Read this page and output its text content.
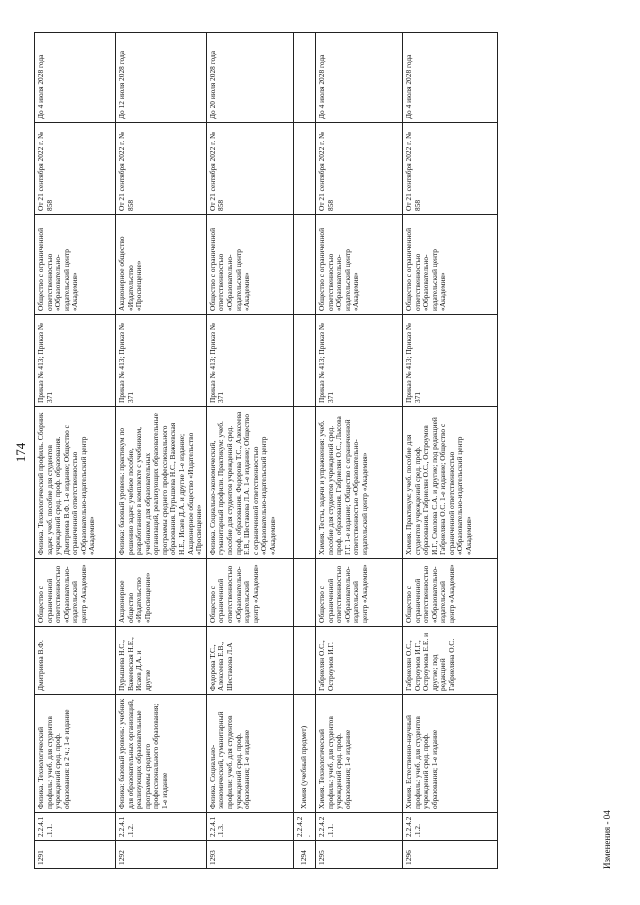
174
1291	2.2.4.1.1.1.	Физика. Технологический профиль: учеб. для студентов учреждений сред. проф. образования: в 2 ч.; 1-е издание	Дмитриева В.Ф.	Общество с ограниченной ответственностью «Образовательно-издательский центр «Академия»	Физика. Технологический профиль. Сборник задач: учеб. пособие для студентов учреждений сред. проф. образования. Дмитриева В.Ф. 1-е издание; Общество с ограниченной ответственностью «Образовательно-издательский центр «Академия»	Приказ № 413; Приказ № 371	Общество с ограниченной ответственностью «Образовательно-издательский центр «Академия»	От 21 сентября 2022 г. № 858	До 4 июля 2028 года
1292	2.2.4.1.1.2.	Физика: базовый уровень: учебник для образовательных организаций, реализующих образовательные программы среднего профессионального образования; 1-е издание	Пурышева Н.С., Важеевская Н.Е., Исаев Д.А. и другие	Акционерное общество «Издательство «Просвещение»	Физика: базовый уровень: практикум по решению задач: учебное пособие, разработанное в комплекте с учебником, учебником для образовательных организаций, реализующих образовательные программы среднего профессионального образования. Пурышева Н.С., Важеевская Н.Е., Исаев Д.А. и другие 1-е издание; Акционерное общество «Издательство «Просвещение»	Приказ № 413; Приказ № 371	Акционерное общество «Издательство «Просвещение»	От 21 сентября 2022 г. № 858	До 12 июля 2028 года
1293	2.2.4.1.1.3.	Физика. Социально-экономический, гуманитарный профили: учеб. для студентов учреждений сред. проф. образования; 1-е издание	Федорова Т.С., Алексеева Е.В., Шестакова Л.А	Общество с ограниченной ответственностью «Образовательно-издательский центр «Академия»	Физика. Социально-экономический, гуманитарный профили. Практикум: учеб. пособие для студентов учреждений сред. проф. образования. Федорова Т.С., Алексеева Е.В., Шестакова Л.А. 1-е издание; Общество с ограниченной ответственностью «Образовательно-издательский центр «Академия»	Приказ № 413; Приказ № 371	Общество с ограниченной ответственностью «Образовательно-издательский центр «Академия»	От 21 сентября 2022 г. № 858	До 20 июля 2028 года
1294	2.2.4.2.	Химия (учебный предмет)							
1295	2.2.4.2.1.1.	Химия. Технологический профиль: учеб. для студентов учреждений сред. проф. образования; 1-е издание	Габриелян О.С., Остроумов И.Г.	Общество с ограниченной ответственностью «Образовательно-издательский центр «Академия»	Химия. Тесты, задачи и упражнения: учеб. пособие для студентов учреждений сред. проф. образования. Габриелян О.С., Лысова Г.Г. 1-е издание; Общество с ограниченной ответственностью «Образовательно-издательский центр «Академия»	Приказ № 413; Приказ № 371	Общество с ограниченной ответственностью «Образовательно-издательский центр «Академия»	От 21 сентября 2022 г. № 858	До 4 июля 2028 года
1296	2.2.4.2.1.2.	Химия. Естественно-научный профиль: учеб. для студентов учреждений сред. проф. образования; 1-е издание	Габриелян О.С., Остроумов И.Г., Остроумова Е.Е. и другие; под редакцией Габриеляна О.С.	Общество с ограниченной ответственностью «Образовательно-издательский центр «Академия»	Химия. Практикум: учеб. пособие для студентов учреждений сред. проф. образования. Габриелян О.С., Остроумов И.Г., Смолова С.А. и другие; под редакцией Габриеляна О.С. 1-е издание; Общество с ограниченной ответственностью «Образовательно-издательский центр «Академия»	Приказ № 413; Приказ № 371	Общество с ограниченной ответственностью «Образовательно-издательский центр «Академия»	От 21 сентября 2022 г. № 858	До 4 июля 2028 года
Изменения - 04
